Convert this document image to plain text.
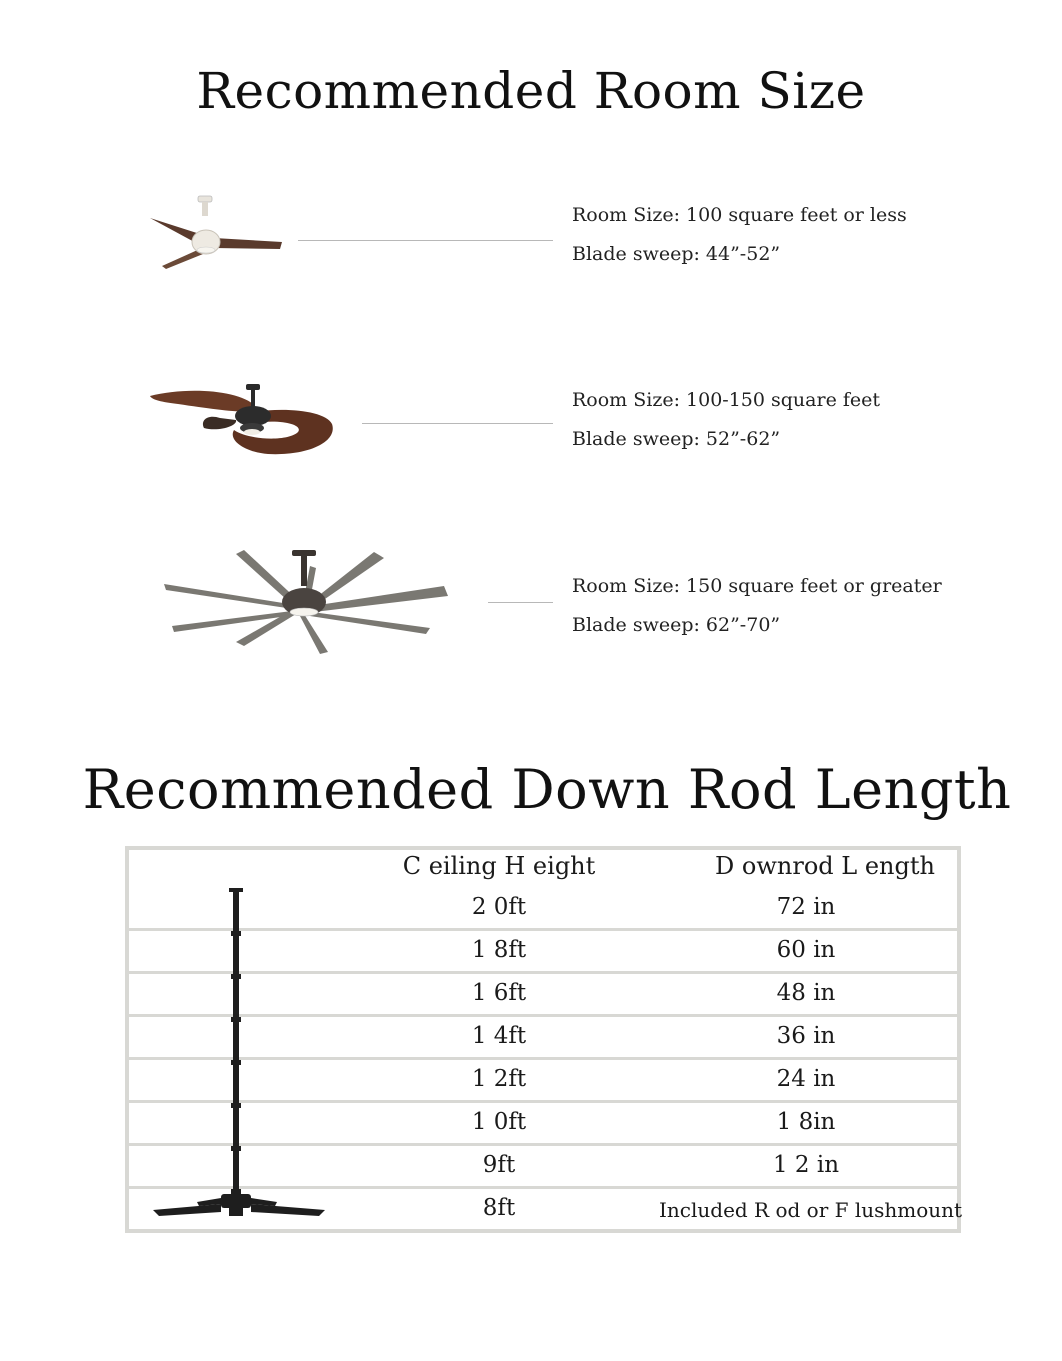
Recommended Room Size
Room Size: 100 square feet or less
Blade sweep: 44”-52”
Room Size: 100-150 square feet
Blade sweep: 52”-62”
Room Size: 150 square feet or greater
Blade sweep: 62”-70”
Recommended Down Rod Length
C eiling H eight	D ownrod L ength
2 0ft	72 in
1 8ft	60 in
1 6ft	48 in
1 4ft	36 in
1 2ft	24 in
1 0ft	1 8in
9ft	1 2 in
8ft	Included R od or F lushmount
